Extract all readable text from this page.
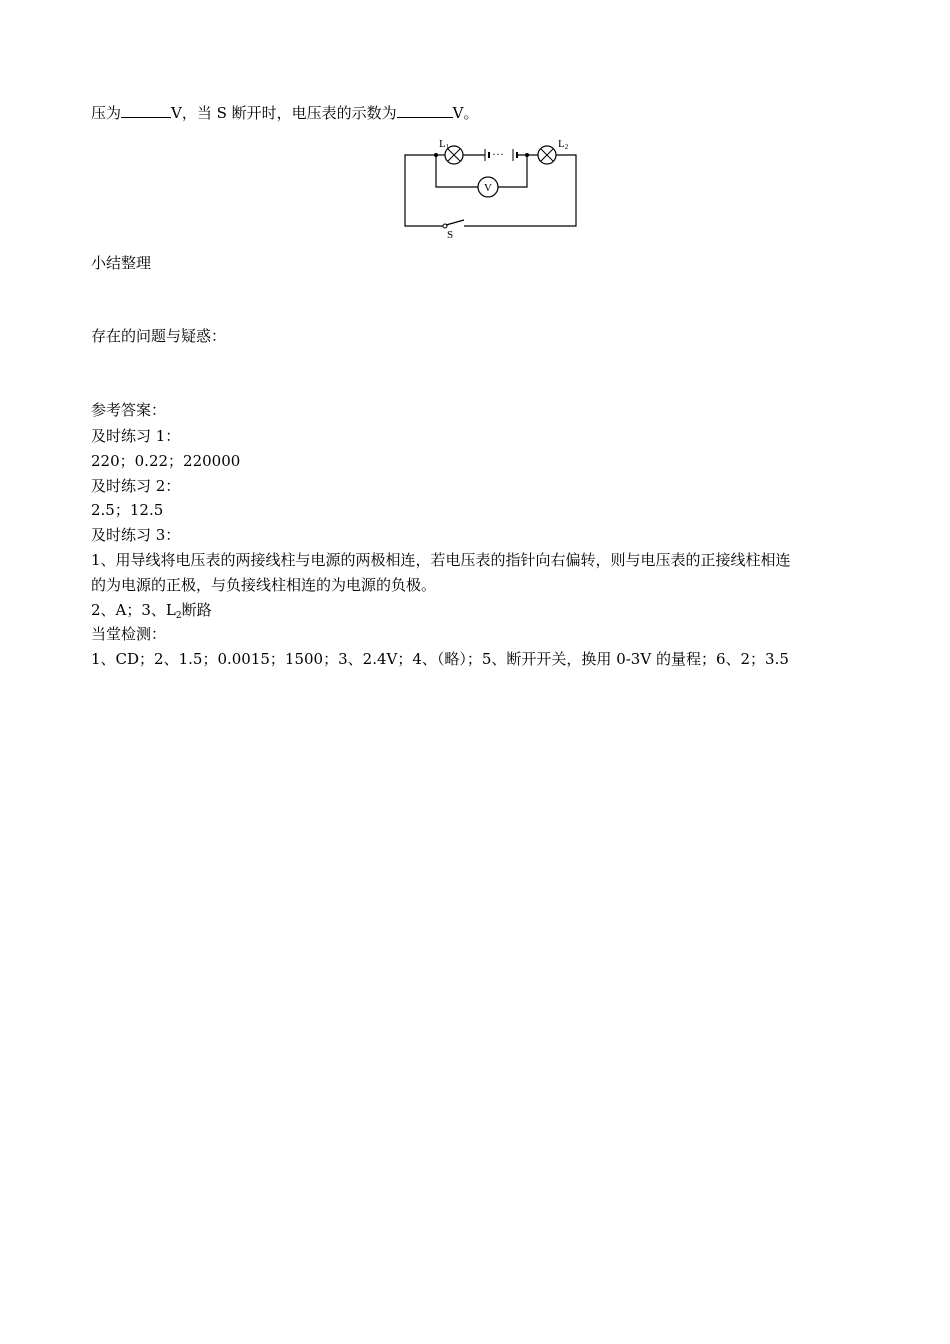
压为	V，当 S 断开时，电压表的示数为	V。
L1	L2
···
V
S
小结整理
存在的问题与疑惑：
参考答案：
及时练习 1：
220；0.22；220000
及时练习 2：
2.5；12.5
及时练习 3：
1、用导线将电压表的两接线柱与电源的两极相连，若电压表的指针向右偏转，则与电压表的正接线柱相连
的为电源的正极，与负接线柱相连的为电源的负极。
2、A；3、$L_2$断路
当堂检测：
1、CD；2、1.5；0.0015；1500；3、2.4V；4、（略）；5、断开开关，换用 0-3V 的量程；6、2；3.5
